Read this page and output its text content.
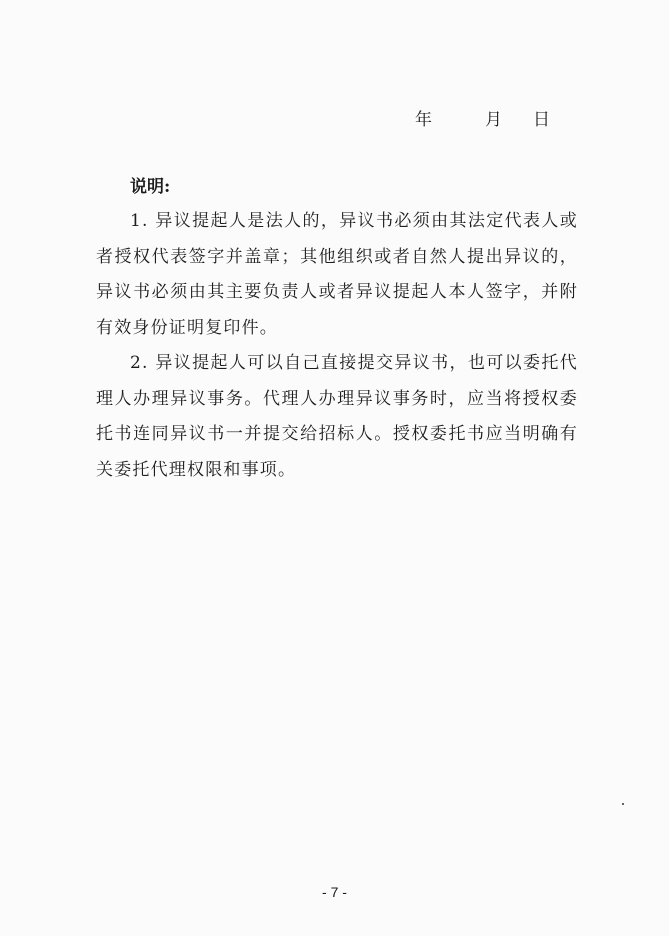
年	月 日
说明:

1. 异议提起人是法人的，异议书必须由其法定代表人或者授权代表签字并盖章；其他组织或者自然人提出异议的，异议书必须由其主要负责人或者异议提起人本人签字，并附有效身份证明复印件。

2. 异议提起人可以自己直接提交异议书，也可以委托代理人办理异议事务。代理人办理异议事务时，应当将授权委托书连同异议书一并提交给招标人。授权委托书应当明确有关委托代理权限和事项。

- 7 -
